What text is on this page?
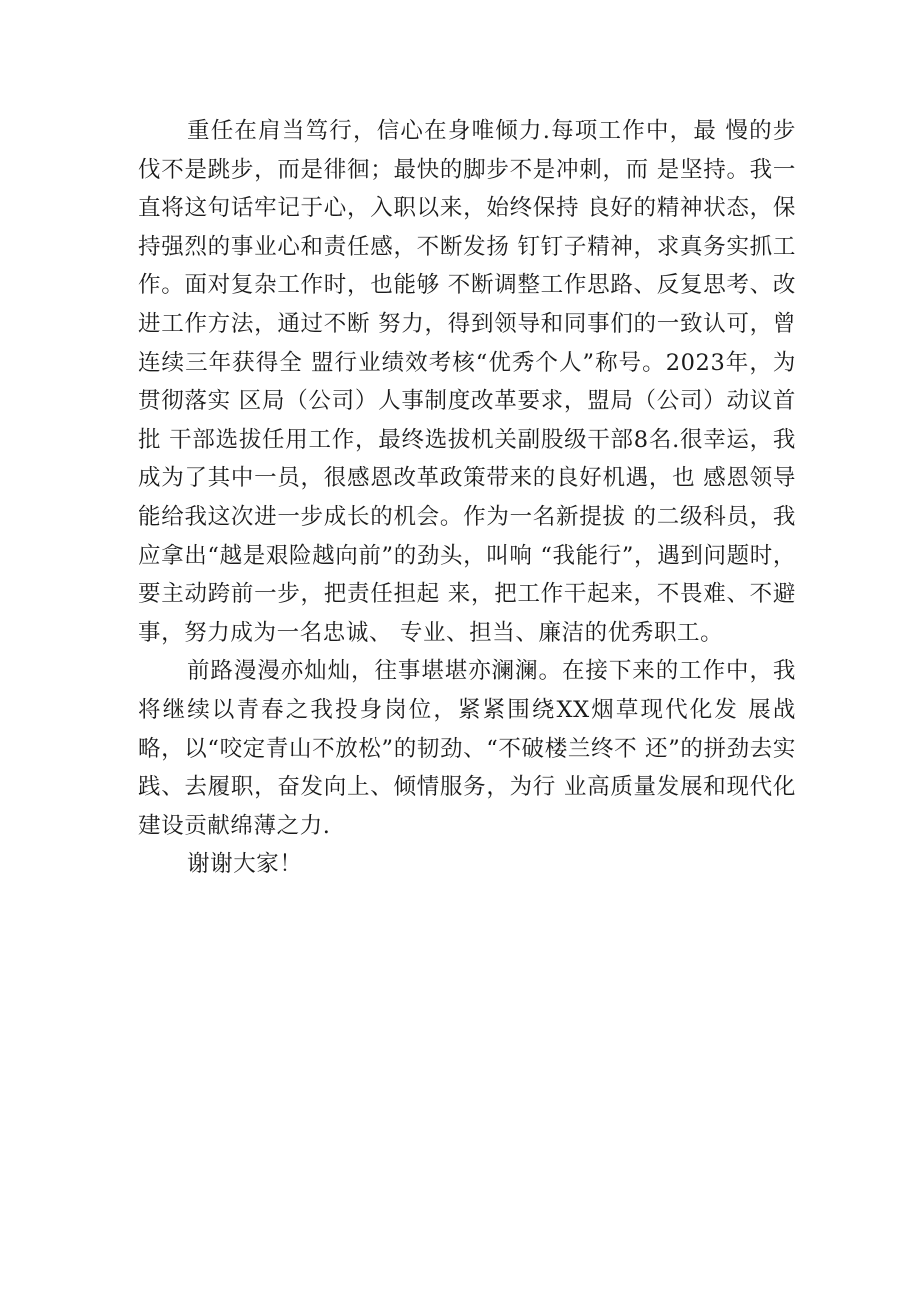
重任在肩当笃行，信心在身唯倾力.每项工作中，最 慢的步伐不是跳步，而是徘徊；最快的脚步不是冲刺，而 是坚持。我一直将这句话牢记于心，入职以来，始终保持 良好的精神状态，保持强烈的事业心和责任感，不断发扬 钉钉子精神，求真务实抓工作。面对复杂工作时，也能够 不断调整工作思路、反复思考、改进工作方法，通过不断 努力，得到领导和同事们的一致认可，曾连续三年获得全 盟行业绩效考核“优秀个人”称号。2023年，为贯彻落实 区局（公司）人事制度改革要求，盟局（公司）动议首批 干部选拔任用工作，最终选拔机关副股级干部8名.很幸运，我成为了其中一员，很感恩改革政策带来的良好机遇，也 感恩领导能给我这次进一步成长的机会。作为一名新提拔 的二级科员，我应拿出“越是艰险越向前”的劲头，叫响 “我能行”，遇到问题时，要主动跨前一步，把责任担起 来，把工作干起来，不畏难、不避事，努力成为一名忠诚、 专业、担当、廉洁的优秀职工。

前路漫漫亦灿灿，往事堪堪亦澜澜。在接下来的工作中，我将继续以青春之我投身岗位，紧紧围绕XX烟草现代化发 展战略，以“咬定青山不放松”的韧劲、“不破楼兰终不 还”的拼劲去实践、去履职，奋发向上、倾情服务，为行 业高质量发展和现代化建设贡献绵薄之力.

谢谢大家！
